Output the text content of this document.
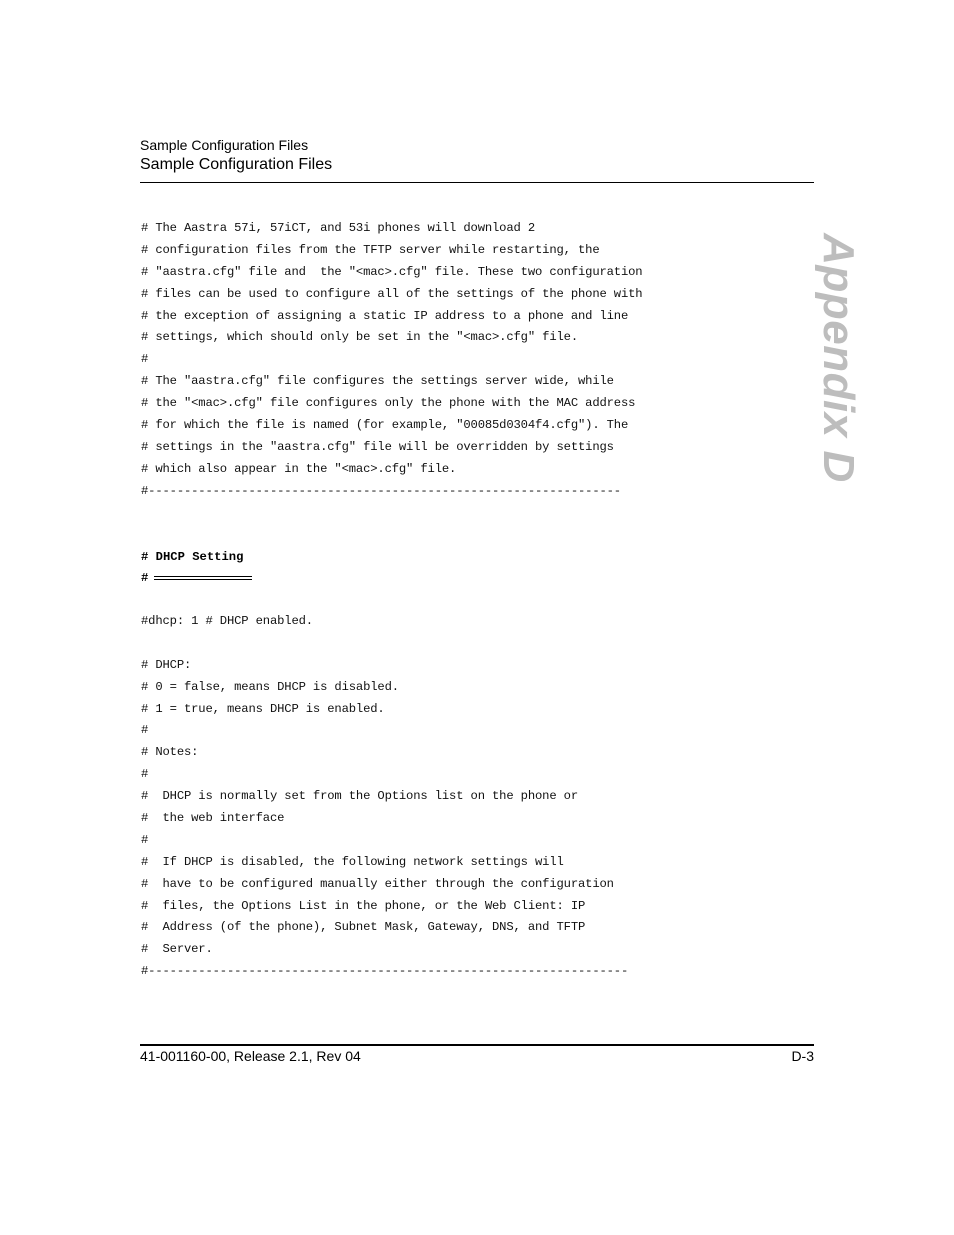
Sample Configuration Files
Sample Configuration Files
Appendix D
# The Aastra 57i, 57iCT, and 53i phones will download 2
# configuration files from the TFTP server while restarting, the
# "aastra.cfg" file and  the "<mac>.cfg" file. These two configuration
# files can be used to configure all of the settings of the phone with
# the exception of assigning a static IP address to a phone and line
# settings, which should only be set in the "<mac>.cfg" file.
#
# The "aastra.cfg" file configures the settings server wide, while
# the "<mac>.cfg" file configures only the phone with the MAC address
# for which the file is named (for example, "00085d0304f4.cfg"). The
# settings in the "aastra.cfg" file will be overridden by settings
# which also appear in the "<mac>.cfg" file.
#------------------------------------------------------------------
# DHCP Setting
#
#dhcp: 1 # DHCP enabled.
# DHCP:
# 0 = false, means DHCP is disabled.
# 1 = true, means DHCP is enabled.
#
# Notes:
#
#  DHCP is normally set from the Options list on the phone or
#  the web interface
#
#  If DHCP is disabled, the following network settings will
#  have to be configured manually either through the configuration
#  files, the Options List in the phone, or the Web Client: IP
#  Address (of the phone), Subnet Mask, Gateway, DNS, and TFTP
#  Server.
#-------------------------------------------------------------------
41-001160-00, Release 2.1, Rev 04	D-3
